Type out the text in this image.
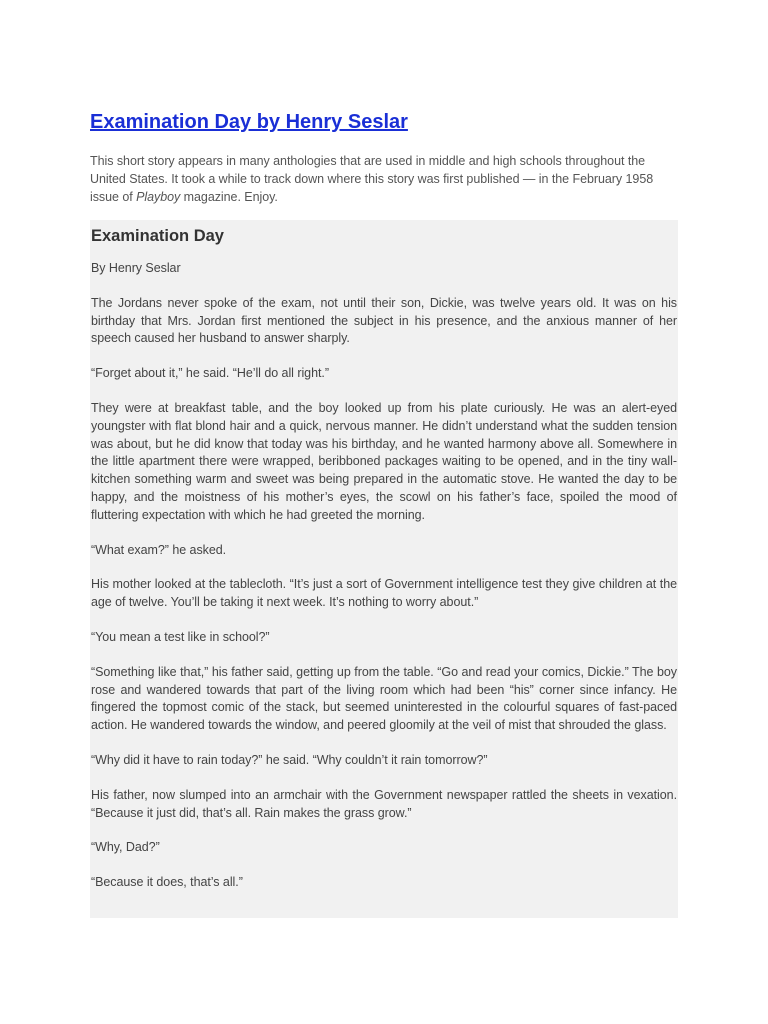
Examination Day by Henry Seslar

This short story appears in many anthologies that are used in middle and high schools throughout the United States. It took a while to track down where this story was first published — in the February 1958 issue of Playboy magazine. Enjoy.

Examination Day

By Henry Seslar

The Jordans never spoke of the exam, not until their son, Dickie, was twelve years old. It was on his birthday that Mrs. Jordan first mentioned the subject in his presence, and the anxious manner of her speech caused her husband to answer sharply.

“Forget about it,” he said. “He’ll do all right.”

They were at breakfast table, and the boy looked up from his plate curiously. He was an alert-eyed youngster with flat blond hair and a quick, nervous manner. He didn’t understand what the sudden tension was about, but he did know that today was his birthday, and he wanted harmony above all. Somewhere in the little apartment there were wrapped, beribboned packages waiting to be opened, and in the tiny wall-kitchen something warm and sweet was being prepared in the automatic stove. He wanted the day to be happy, and the moistness of his mother’s eyes, the scowl on his father’s face, spoiled the mood of fluttering expectation with which he had greeted the morning.

“What exam?” he asked.

His mother looked at the tablecloth. “It’s just a sort of Government intelligence test they give children at the age of twelve. You’ll be taking it next week. It’s nothing to worry about.”

“You mean a test like in school?”

“Something like that,” his father said, getting up from the table. “Go and read your comics, Dickie.” The boy rose and wandered towards that part of the living room which had been “his” corner since infancy. He fingered the topmost comic of the stack, but seemed uninterested in the colourful squares of fast-paced action. He wandered towards the window, and peered gloomily at the veil of mist that shrouded the glass.

“Why did it have to rain today?” he said. “Why couldn’t it rain tomorrow?”

His father, now slumped into an armchair with the Government newspaper rattled the sheets in vexation. “Because it just did, that’s all. Rain makes the grass grow.”

“Why, Dad?”

“Because it does, that’s all.”
